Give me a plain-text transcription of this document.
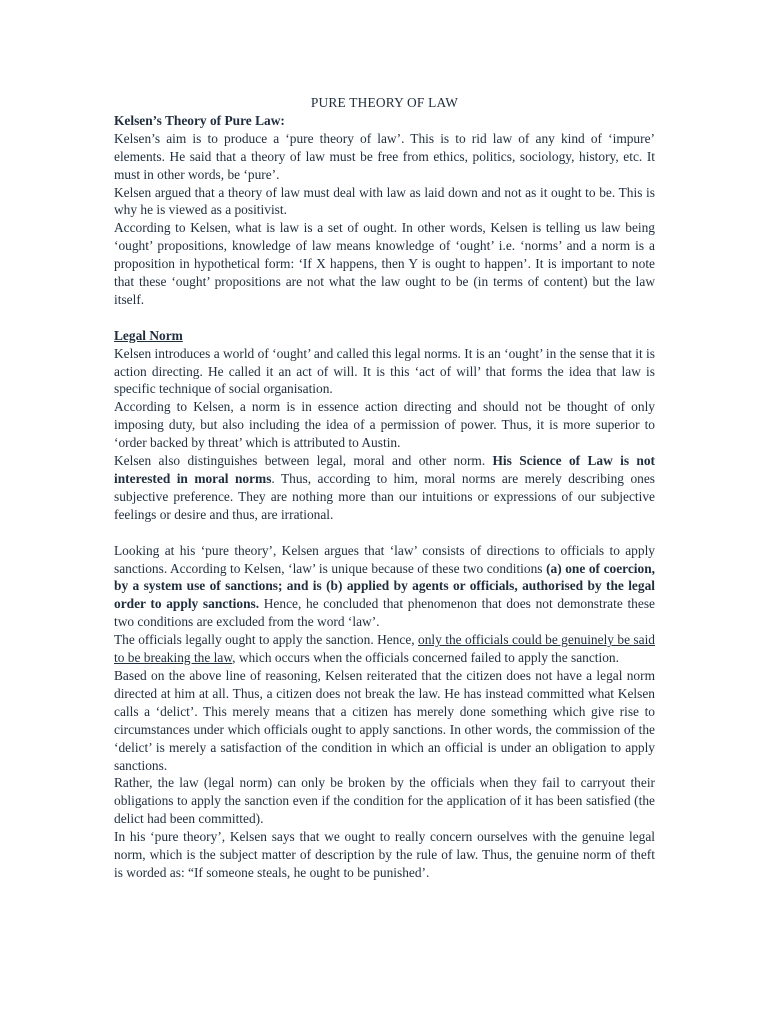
PURE THEORY OF LAW

Kelsen’s Theory of Pure Law:

Kelsen’s aim is to produce a ‘pure theory of law’. This is to rid law of any kind of ‘impure’ elements. He said that a theory of law must be free from ethics, politics, sociology, history, etc. It must in other words, be ‘pure’.

Kelsen argued that a theory of law must deal with law as laid down and not as it ought to be. This is why he is viewed as a positivist.

According to Kelsen, what is law is a set of ought. In other words, Kelsen is telling us law being ‘ought’ propositions, knowledge of law means knowledge of ‘ought’ i.e. ‘norms’ and a norm is a proposition in hypothetical form: ‘If X happens, then Y is ought to happen’. It is important to note that these ‘ought’ propositions are not what the law ought to be (in terms of content) but the law itself.

Legal Norm

Kelsen introduces a world of ‘ought’ and called this legal norms. It is an ‘ought’ in the sense that it is action directing. He called it an act of will. It is this ‘act of will’ that forms the idea that law is specific technique of social organisation.

According to Kelsen, a norm is in essence action directing and should not be thought of only imposing duty, but also including the idea of a permission of power. Thus, it is more superior to ‘order backed by threat’ which is attributed to Austin.

Kelsen also distinguishes between legal, moral and other norm. His Science of Law is not interested in moral norms. Thus, according to him, moral norms are merely describing ones subjective preference. They are nothing more than our intuitions or expressions of our subjective feelings or desire and thus, are irrational.

Looking at his ‘pure theory’, Kelsen argues that ‘law’ consists of directions to officials to apply sanctions. According to Kelsen, ‘law’ is unique because of these two conditions (a) one of coercion, by a system use of sanctions; and is (b) applied by agents or officials, authorised by the legal order to apply sanctions. Hence, he concluded that phenomenon that does not demonstrate these two conditions are excluded from the word ‘law’.

The officials legally ought to apply the sanction. Hence, only the officials could be genuinely be said to be breaking the law, which occurs when the officials concerned failed to apply the sanction.

Based on the above line of reasoning, Kelsen reiterated that the citizen does not have a legal norm directed at him at all. Thus, a citizen does not break the law. He has instead committed what Kelsen calls a ‘delict’. This merely means that a citizen has merely done something which give rise to circumstances under which officials ought to apply sanctions. In other words, the commission of the ‘delict’ is merely a satisfaction of the condition in which an official is under an obligation to apply sanctions.

Rather, the law (legal norm) can only be broken by the officials when they fail to carryout their obligations to apply the sanction even if the condition for the application of it has been satisfied (the delict had been committed).

In his ‘pure theory’, Kelsen says that we ought to really concern ourselves with the genuine legal norm, which is the subject matter of description by the rule of law. Thus, the genuine norm of theft is worded as: “If someone steals, he ought to be punished’.
